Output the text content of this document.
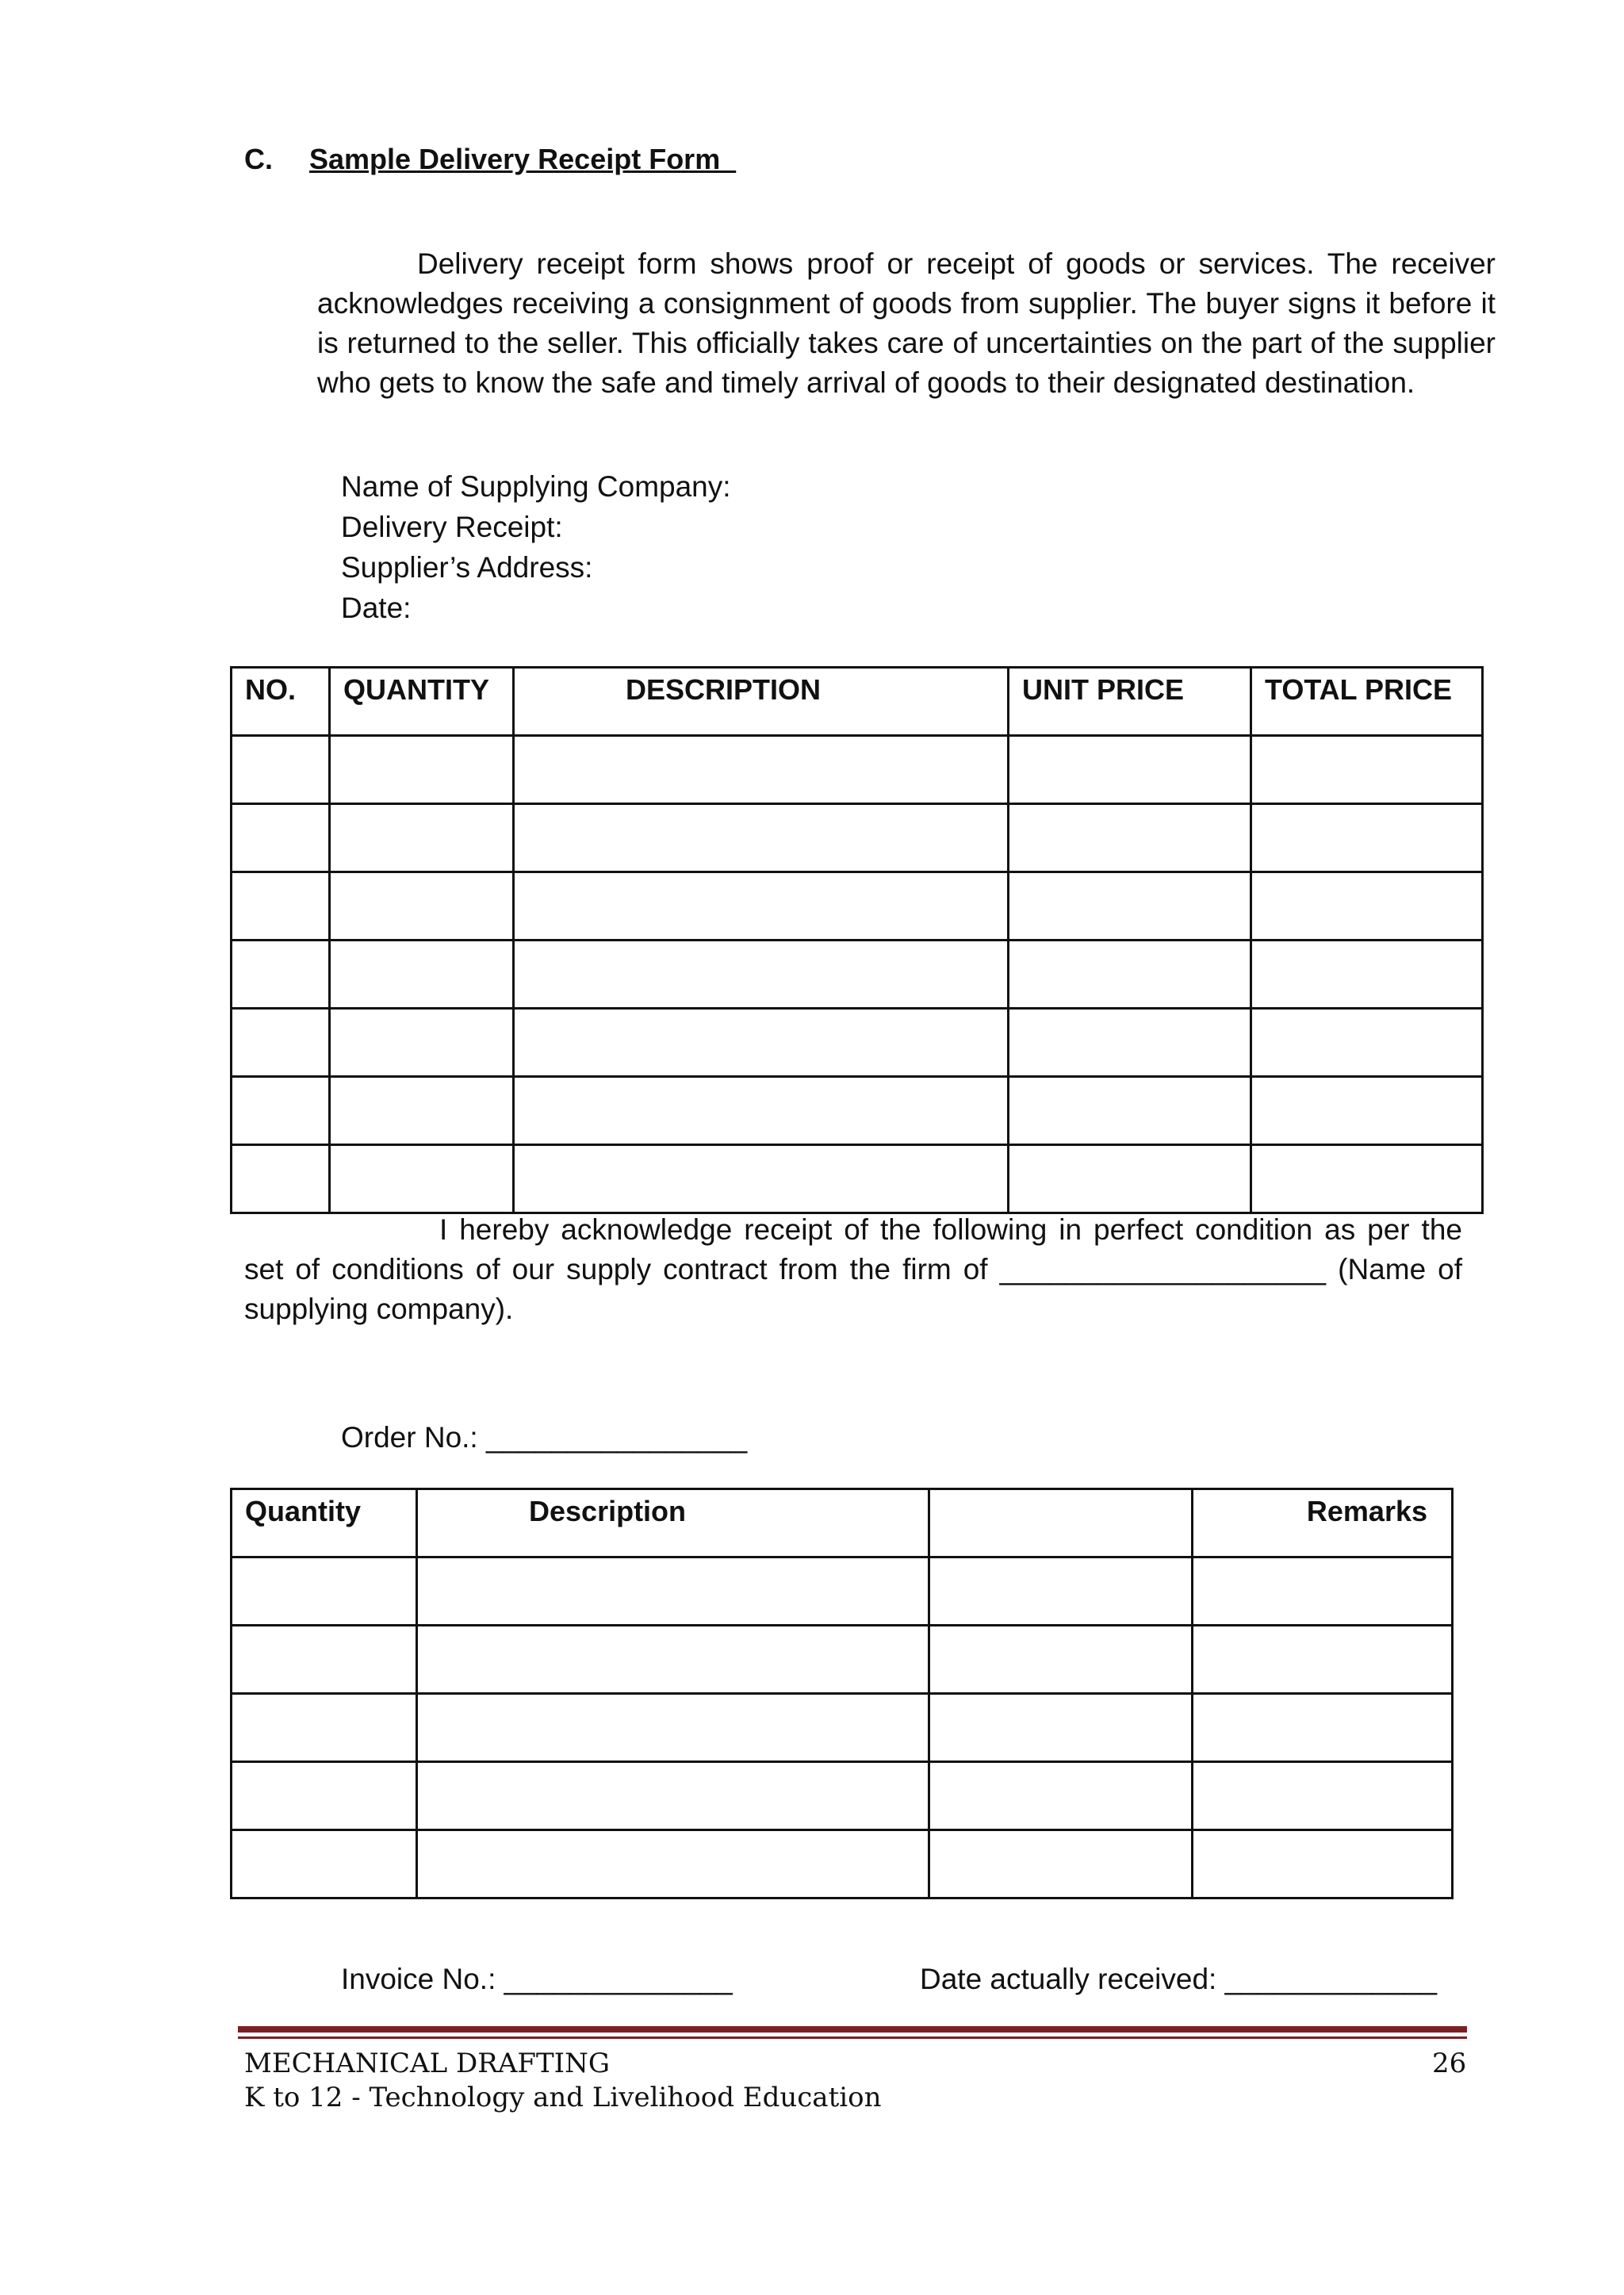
C. Sample Delivery Receipt Form
Delivery receipt form shows proof or receipt of goods or services. The receiver acknowledges receiving a consignment of goods from supplier. The buyer signs it before it is returned to the seller. This officially takes care of uncertainties on the part of the supplier who gets to know the safe and timely arrival of goods to their designated destination.
Name of Supplying Company:
Delivery Receipt:
Supplier’s Address:
Date:
NO.	QUANTITY	DESCRIPTION	UNIT PRICE	TOTAL PRICE

I hereby acknowledge receipt of the following in perfect condition as per the set of conditions of our supply contract from the firm of ____________________ (Name of supplying company).
Order No.: ________________
Quantity	Description		Remarks

Invoice No.: ______________	Date actually received: _____________
MECHANICAL DRAFTING
K to 12 - Technology and Livelihood Education
26
